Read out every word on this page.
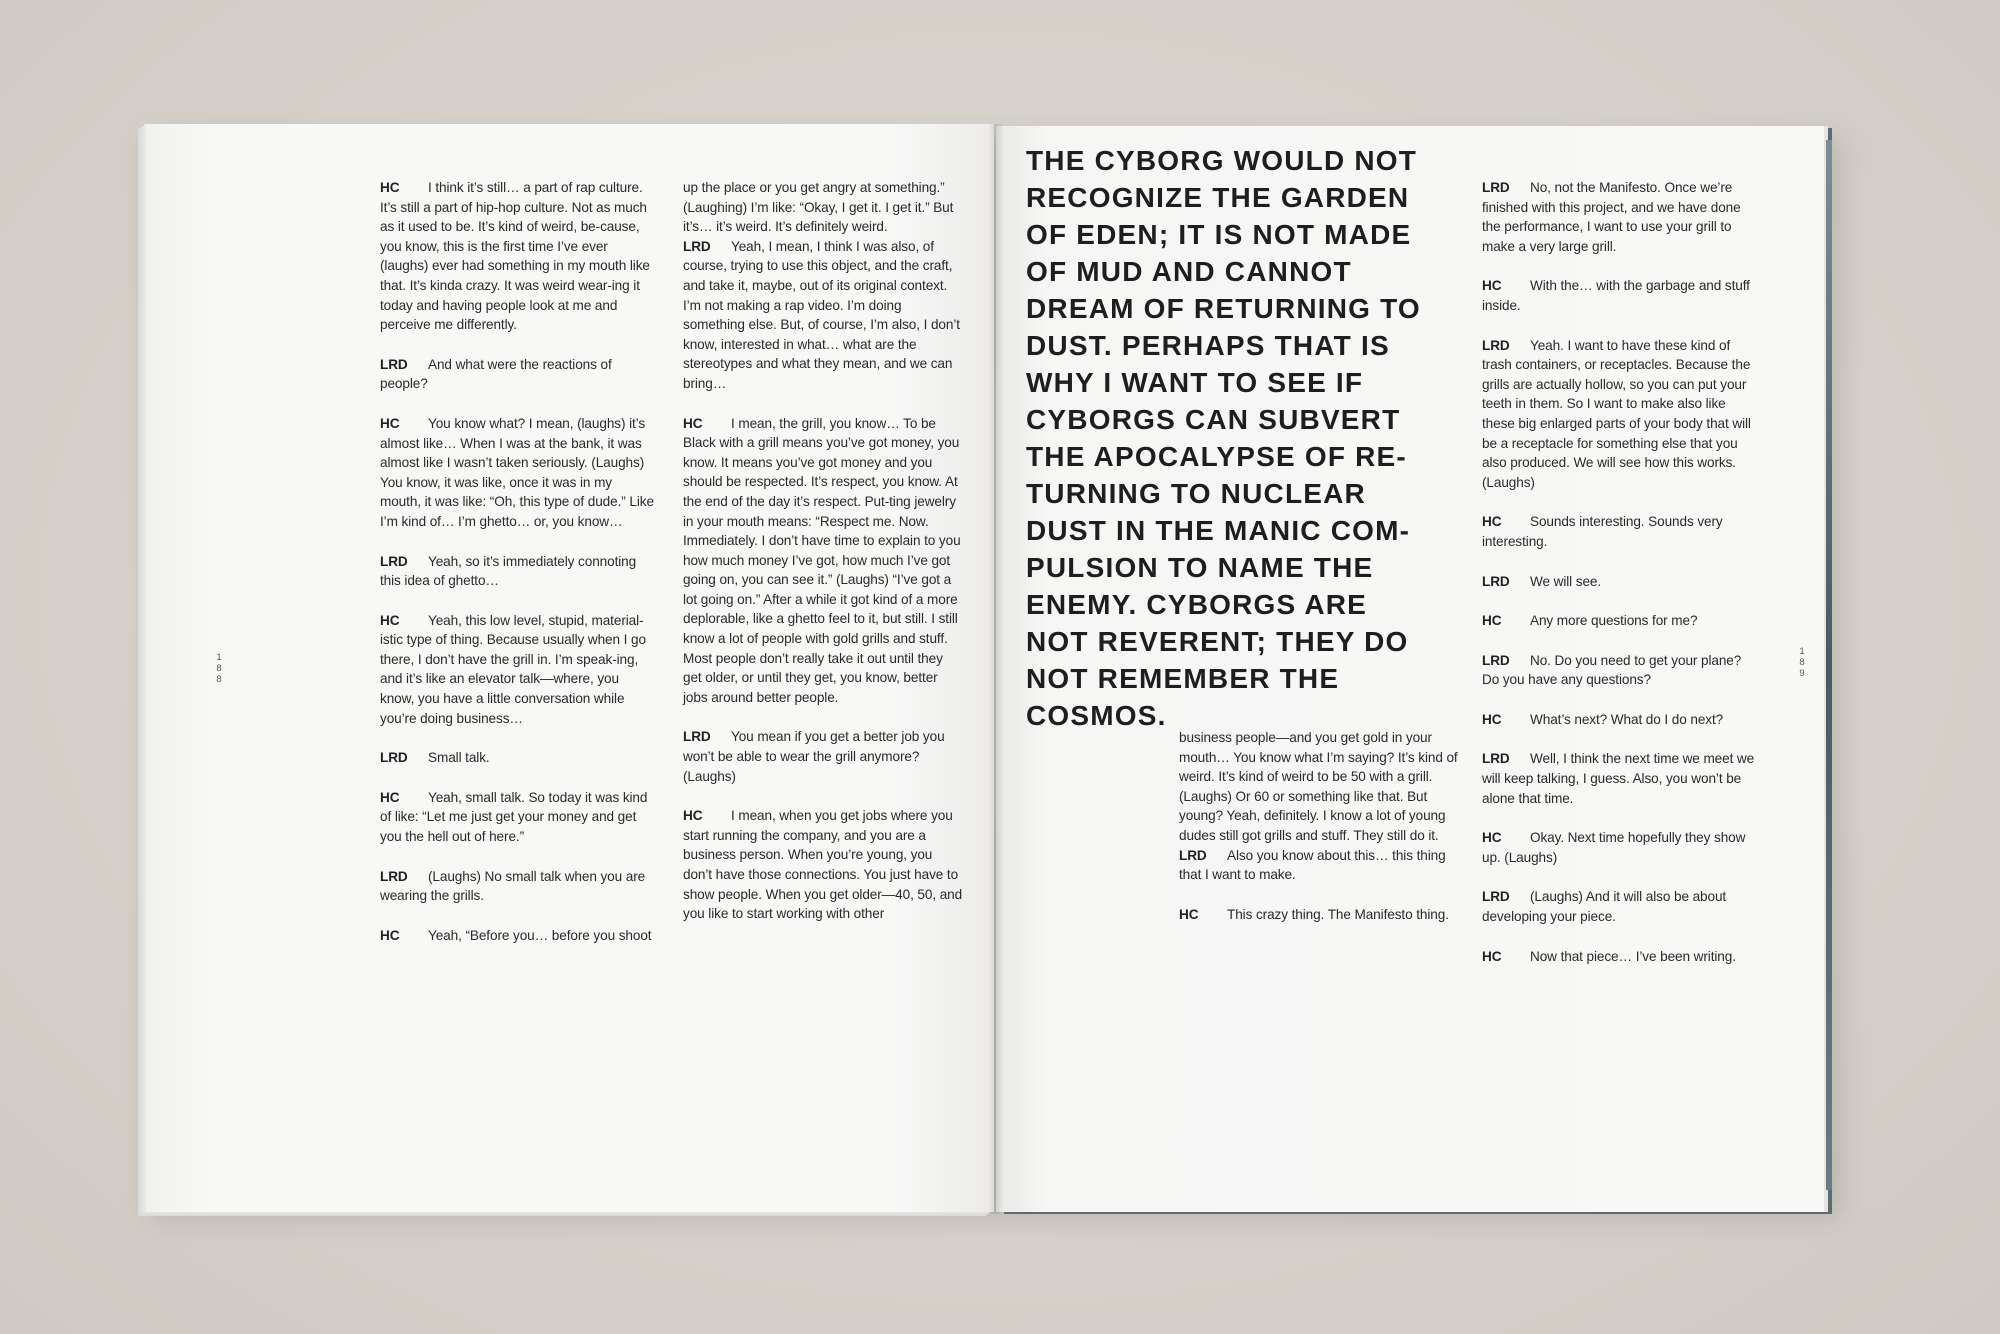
HC I think it’s still… a part of rap culture. It’s still a part of hip-hop culture. Not as much as it used to be. It’s kind of weird, be-cause, you know, this is the first time I’ve ever (laughs) ever had something in my mouth like that. It’s kinda crazy. It was weird wear-ing it today and having people look at me and perceive me differently.

LRD And what were the reactions of people?

HC You know what? I mean, (laughs) it’s almost like… When I was at the bank, it was almost like I wasn’t taken seriously. (Laughs) You know, it was like, once it was in my mouth, it was like: “Oh, this type of dude.” Like I’m kind of… I’m ghetto… or, you know…

LRD Yeah, so it’s immediately connoting this idea of ghetto…

HC Yeah, this low level, stupid, material-istic type of thing. Because usually when I go there, I don’t have the grill in. I’m speak-ing, and it’s like an elevator talk—where, you know, you have a little conversation while you’re doing business…

LRD Small talk.

HC Yeah, small talk. So today it was kind of like: “Let me just get your money and get you the hell out of here.”

LRD (Laughs) No small talk when you are wearing the grills.

HC Yeah, “Before you… before you shoot

up the place or you get angry at something.” (Laughing) I’m like: “Okay, I get it. I get it.” But it’s… it’s weird. It’s definitely weird.

LRD Yeah, I mean, I think I was also, of course, trying to use this object, and the craft, and take it, maybe, out of its original context. I’m not making a rap video. I’m doing something else. But, of course, I’m also, I don’t know, interested in what… what are the stereotypes and what they mean, and we can bring…

HC I mean, the grill, you know… To be Black with a grill means you’ve got money, you know. It means you’ve got money and you should be respected. It’s respect, you know. At the end of the day it’s respect. Put-ting jewelry in your mouth means: “Respect me. Now. Immediately. I don’t have time to explain to you how much money I’ve got, how much I’ve got going on, you can see it.” (Laughs) “I’ve got a lot going on.” After a while it got kind of a more deplorable, like a ghetto feel to it, but still. I still know a lot of people with gold grills and stuff. Most people don’t really take it out until they get older, or until they get, you know, better jobs around better people.

LRD You mean if you get a better job you won’t be able to wear the grill anymore? (Laughs)

HC I mean, when you get jobs where you start running the company, and you are a business person. When you’re young, you don’t have those connections. You just have to show people. When you get older—40, 50, and you like to start working with other

188
THE CYBORG WOULD NOT RECOGNIZE THE GARDEN OF EDEN; IT IS NOT MADE OF MUD AND CANNOT DREAM OF RETURNING TO DUST. PERHAPS THAT IS WHY I WANT TO SEE IF CYBORGS CAN SUBVERT THE APOCALYPSE OF RE-TURNING TO NUCLEAR DUST IN THE MANIC COM-PULSION TO NAME THE ENEMY. CYBORGS ARE NOT REVERENT; THEY DO NOT REMEMBER THE COSMOS.

business people—and you get gold in your mouth… You know what I’m saying? It’s kind of weird. It’s kind of weird to be 50 with a grill. (Laughs) Or 60 or something like that. But young? Yeah, definitely. I know a lot of young dudes still got grills and stuff. They still do it.

LRD Also you know about this… this thing that I want to make.

HC This crazy thing. The Manifesto thing.

LRD No, not the Manifesto. Once we’re finished with this project, and we have done the performance, I want to use your grill to make a very large grill.

HC With the… with the garbage and stuff inside.

LRD Yeah. I want to have these kind of trash containers, or receptacles. Because the grills are actually hollow, so you can put your teeth in them. So I want to make also like these big enlarged parts of your body that will be a receptacle for something else that you also produced. We will see how this works. (Laughs)

HC Sounds interesting. Sounds very interesting.

LRD We will see.

HC Any more questions for me?

LRD No. Do you need to get your plane? Do you have any questions?

HC What’s next? What do I do next?

LRD Well, I think the next time we meet we will keep talking, I guess. Also, you won’t be alone that time.

HC Okay. Next time hopefully they show up. (Laughs)

LRD (Laughs) And it will also be about developing your piece.

HC Now that piece… I’ve been writing.

189
